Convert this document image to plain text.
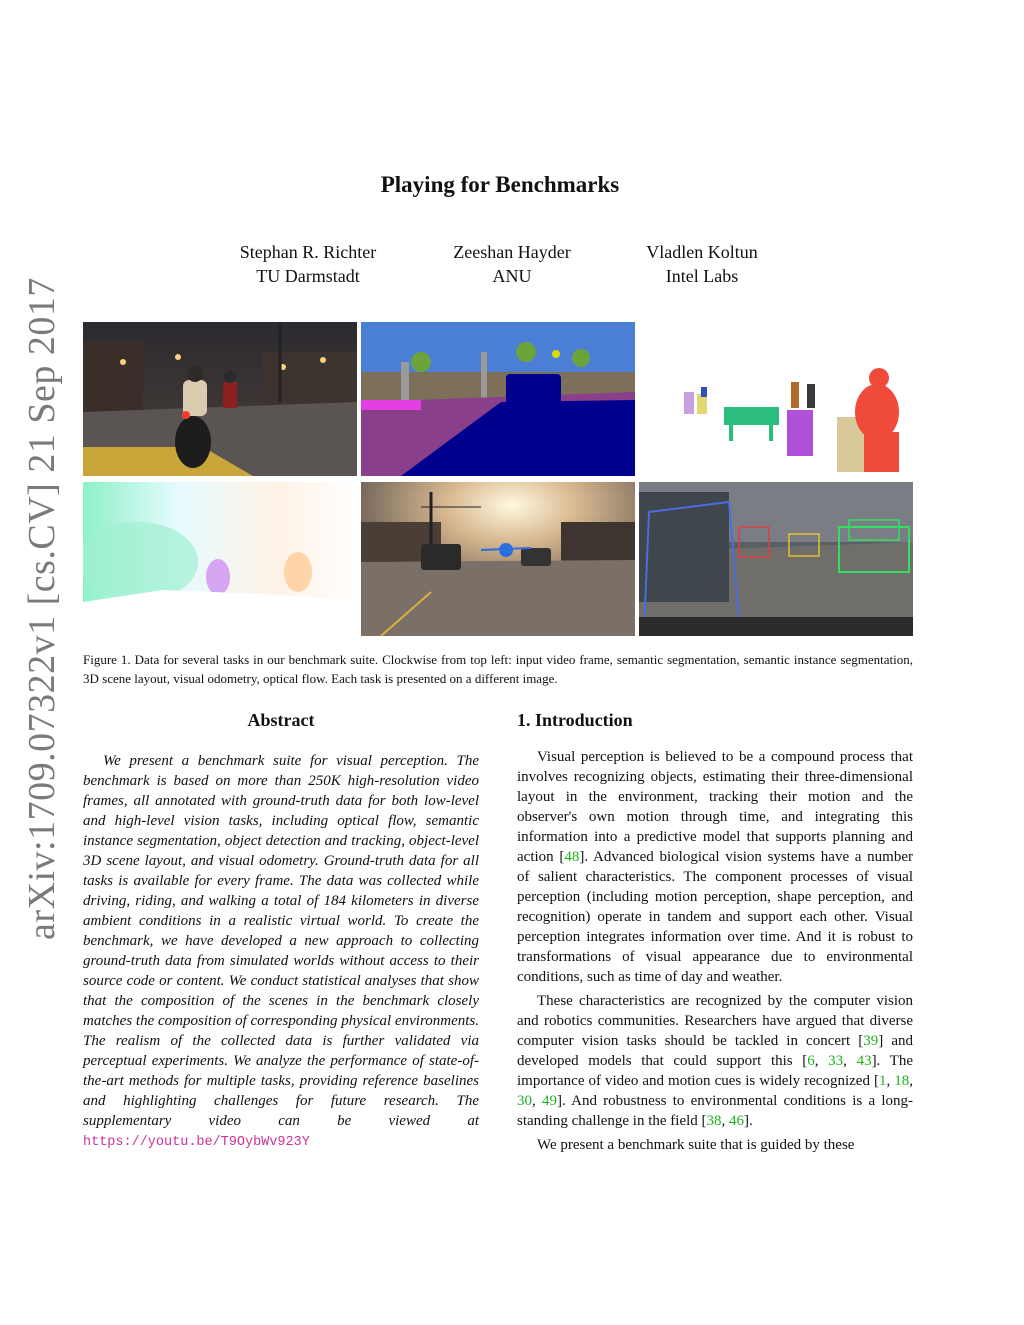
arXiv:1709.07322v1 [cs.CV] 21 Sep 2017
Playing for Benchmarks
Stephan R. Richter
TU Darmstadt
Zeeshan Hayder
ANU
Vladlen Koltun
Intel Labs
Figure 1. Data for several tasks in our benchmark suite. Clockwise from top left: input video frame, semantic segmentation, semantic instance segmentation, 3D scene layout, visual odometry, optical flow. Each task is presented on a different image.
Abstract

We present a benchmark suite for visual perception. The benchmark is based on more than 250K high-resolution video frames, all annotated with ground-truth data for both low-level and high-level vision tasks, including optical flow, semantic instance segmentation, object detection and tracking, object-level 3D scene layout, and visual odometry. Ground-truth data for all tasks is available for every frame. The data was collected while driving, riding, and walking a total of 184 kilometers in diverse ambient conditions in a realistic virtual world. To create the benchmark, we have developed a new approach to collecting ground-truth data from simulated worlds without access to their source code or content. We conduct statistical analyses that show that the composition of the scenes in the benchmark closely matches the composition of corresponding physical environments. The realism of the collected data is further validated via perceptual experiments. We analyze the performance of state-of-the-art methods for multiple tasks, providing reference baselines and highlighting challenges for future research. The supplementary video can be viewed at https://youtu.be/T9OybWv923Y

1. Introduction

Visual perception is believed to be a compound process that involves recognizing objects, estimating their three-dimensional layout in the environment, tracking their motion and the observer's own motion through time, and integrating this information into a predictive model that supports planning and action [48]. Advanced biological vision systems have a number of salient characteristics. The component processes of visual perception (including motion perception, shape perception, and recognition) operate in tandem and support each other. Visual perception integrates information over time. And it is robust to transformations of visual appearance due to environmental conditions, such as time of day and weather.

These characteristics are recognized by the computer vision and robotics communities. Researchers have argued that diverse computer vision tasks should be tackled in concert [39] and developed models that could support this [6, 33, 43]. The importance of video and motion cues is widely recognized [1, 18, 30, 49]. And robustness to environmental conditions is a long-standing challenge in the field [38, 46].

We present a benchmark suite that is guided by these
